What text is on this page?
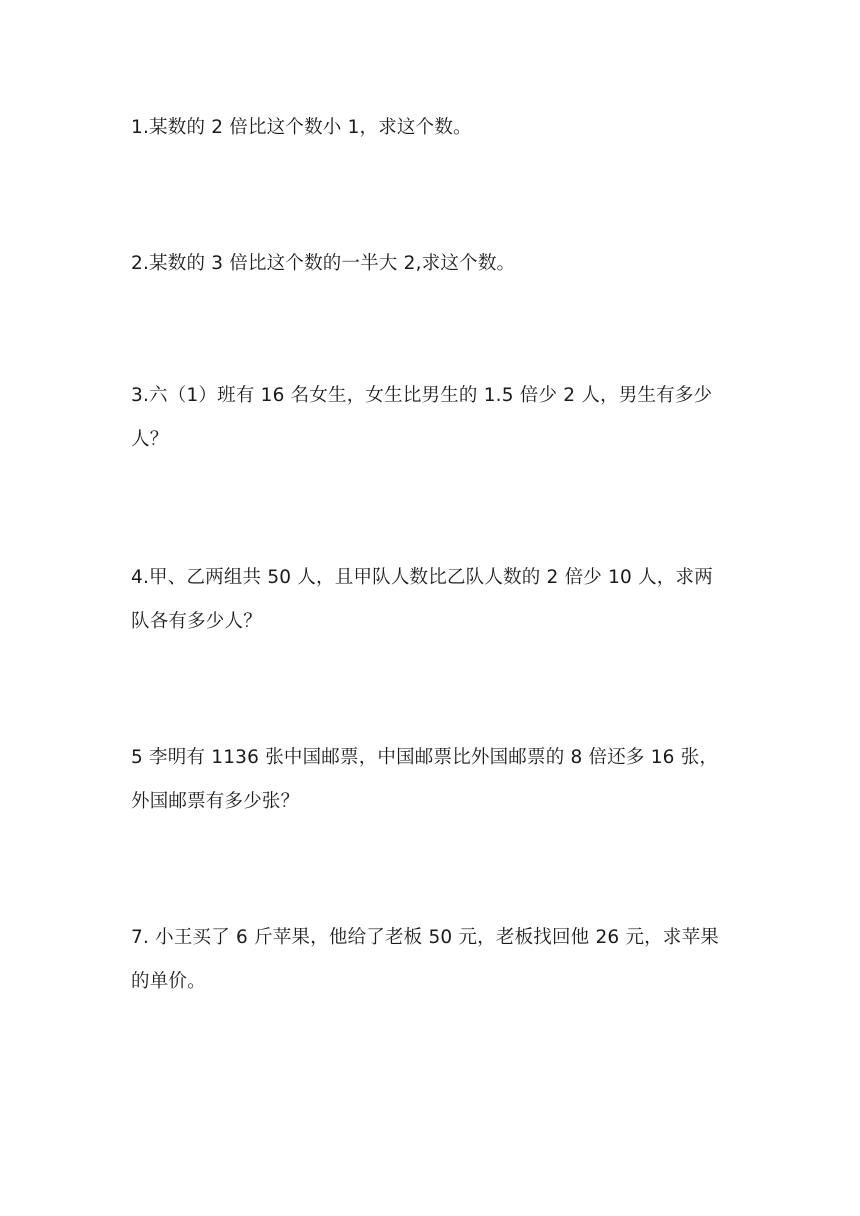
1.某数的 2 倍比这个数小 1，求这个数。

2.某数的 3 倍比这个数的一半大 2,求这个数。

3.六（1）班有 16 名女生，女生比男生的 1.5 倍少 2 人，男生有多少
人？

4.甲、乙两组共 50 人，且甲队人数比乙队人数的 2 倍少 10 人，求两
队各有多少人？

5 李明有 1136 张中国邮票，中国邮票比外国邮票的 8 倍还多 16 张，
外国邮票有多少张？

7. 小王买了 6 斤苹果，他给了老板 50 元，老板找回他 26 元，求苹果
的单价。
